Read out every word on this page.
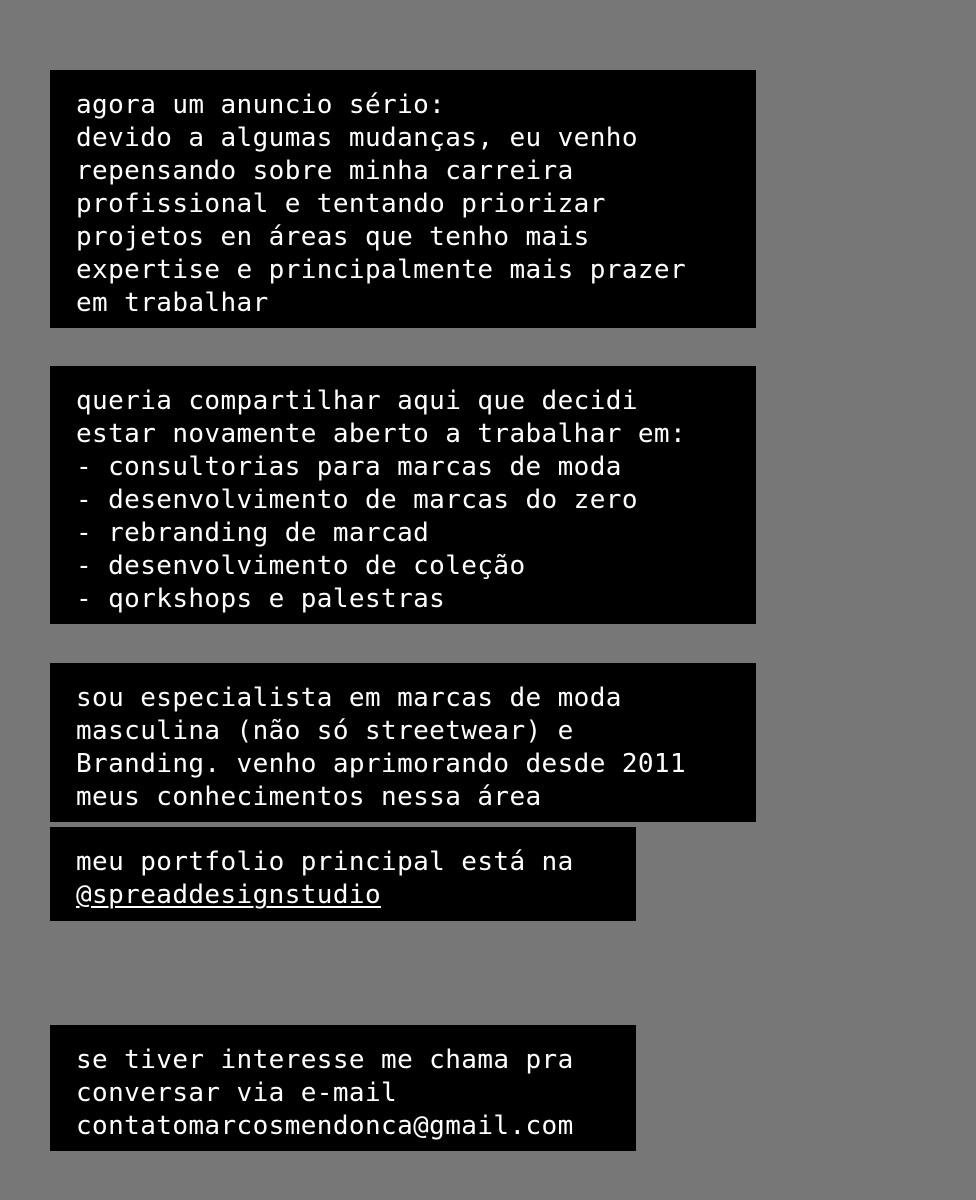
agora um anuncio sério:
devido a algumas mudanças, eu venho
repensando sobre minha carreira
profissional e tentando priorizar
projetos en áreas que tenho mais
expertise e principalmente mais prazer
em trabalhar
queria compartilhar aqui que decidi
estar novamente aberto a trabalhar em:
- consultorias para marcas de moda
- desenvolvimento de marcas do zero
- rebranding de marcad
- desenvolvimento de coleção
- qorkshops e palestras
sou especialista em marcas de moda
masculina (não só streetwear) e
Branding. venho aprimorando desde 2011
meus conhecimentos nessa área
meu portfolio principal está na
@spreaddesignstudio
se tiver interesse me chama pra
conversar via e-mail
contatomarcosmendonca@gmail.com
